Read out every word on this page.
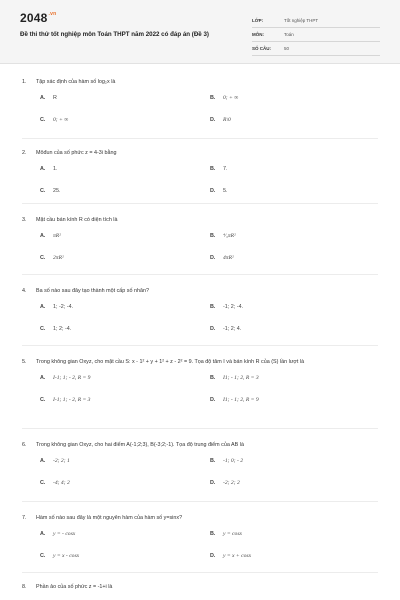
$2048^{.vn}$
Đề thi thử tốt nghiệp môn Toán THPT năm 2022 có đáp án (Đề 3)
LỚP:	Tốt nghiệp THPT
MÔN:	Toán
SỐ CÂU:	50
1.	Tập xác định của hàm số log₂x là
A.	R	B.	0; + ∞
C.	0; + ∞	D.	R\0
2.	Môđun của số phức z = 4-3i bằng
A.	1.	B.	7.
C.	25.	D.	5.
3.	Mặt cầu bán kính R có diện tích là
A.	πR²	B.	⁴⁄₃πR²
C.	2πR²	D.	4πR²
4.	Ba số nào sau đây tạo thành một cấp số nhân?
A.	1; -2; -4.	B.	-1; 2; -4.
C.	1; 2; -4.	D.	-1; 2; 4.
5.	Trong không gian Oxyz, cho mặt cầu S: x - 1² + y + 1² + z - 2² = 9. Tọa độ tâm I và bán kính R của (S) lần lượt là
A.	I-1; 1; - 2, R = 9	B.	I1; - 1; 2, R = 3
C.	I-1; 1; - 2, R = 3	D.	I1; - 1; 2, R = 9
6.	Trong không gian Oxyz, cho hai điểm A(-1;2;3), B(-3;2;-1). Tọa độ trung điểm của AB là
A.	-2; 2; 1	B.	-1; 0; - 2
C.	-4; 4; 2	D.	-2; 2; 2
7.	Hàm số nào sau đây là một nguyên hàm của hàm số y=sinx?
A.	y = - cosx	B.	y = cosx
C.	y = x - cosx	D.	y = x + cosx
8.	Phần ảo của số phức z = -1+i là
